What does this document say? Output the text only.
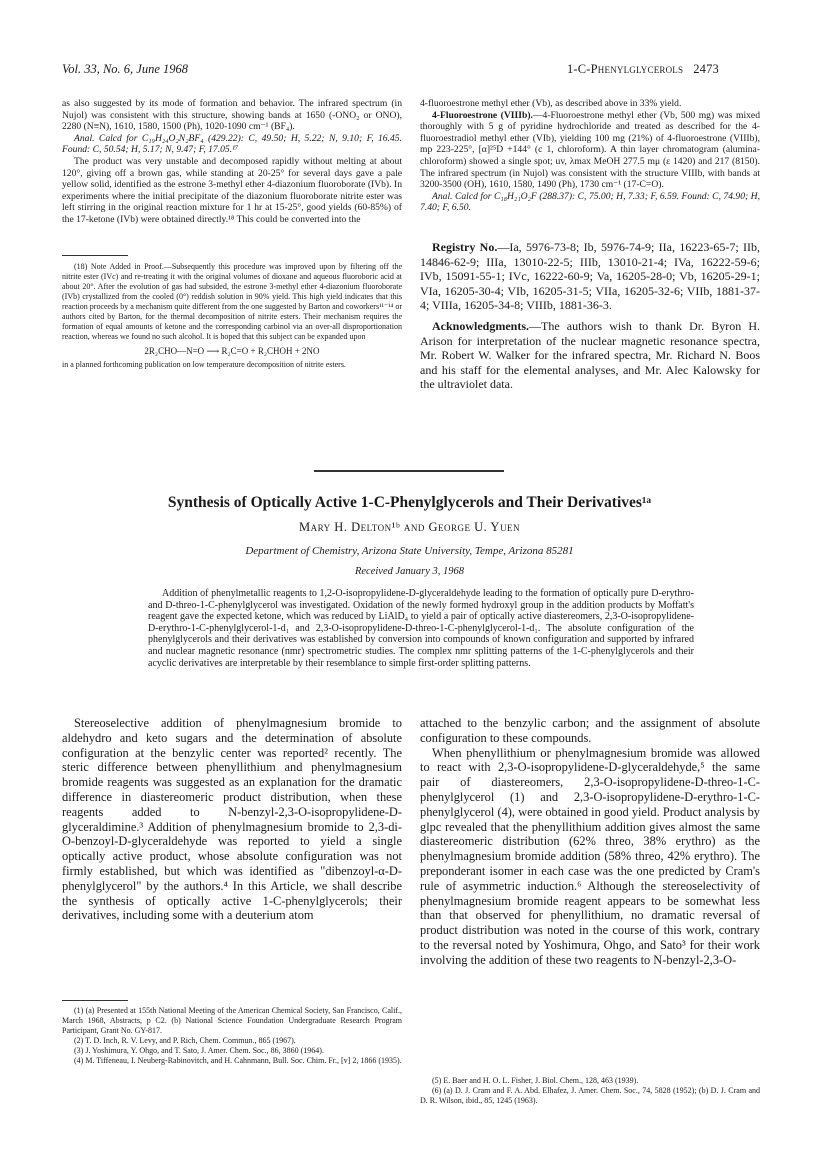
Vol. 33, No. 6, June 1968	1-C-Phenylglycerols 2473

as also suggested by its mode of formation and behavior. The infrared spectrum (in Nujol) was consistent with this structure, showing bands at 1650 (-ONO₂ or ONO), 2280 (N≡N), 1610, 1580, 1500 (Ph), 1020-1090 cm⁻¹ (BF₄).

Anal. Calcd for C₁₉H₂₄O₂N₂BF₄ (429.22): C, 49.50; H, 5.22; N, 9.10; F, 16.45. Found: C, 50.54; H, 5.17; N, 9.47; F, 17.05.¹⁷

The product was very unstable and decomposed rapidly without melting at about 120°, giving off a brown gas, while standing at 20-25° for several days gave a pale yellow solid, identified as the estrone 3-methyl ether 4-diazonium fluoroborate (IVb). In experiments where the initial precipitate of the diazonium fluoroborate nitrite ester was left stirring in the original reaction mixture for 1 hr at 15-25°, good yields (60-85%) of the 17-ketone (IVb) were obtained directly.¹⁸ This could be converted into the

(18) Note Added in Proof.—Subsequently this procedure was improved upon by filtering off the nitrite ester (IVc) and re-treating it with the original volumes of dioxane and aqueous fluoroboric acid at about 20°. After the evolution of gas had subsided, the estrone 3-methyl ether 4-diazonium fluoroborate (IVb) crystallized from the cooled (0°) reddish solution in 90% yield. This high yield indicates that this reaction proceeds by a mechanism quite different from the one suggested by Barton and coworkers¹¹⁻¹⁴ or authors cited by Barton, for the thermal decomposition of nitrite esters. Their mechanism requires the formation of equal amounts of ketone and the corresponding carbinol via an over-all disproportionation reaction, whereas we found no such alcohol. It is hoped that this subject can be expanded upon

2R₂CHO—N=O ⟶ R₂C=O + R₂CHOH + 2NO

in a planned forthcoming publication on low temperature decomposition of nitrite esters.

4-fluoroestrone methyl ether (Vb), as described above in 33% yield.

4-Fluoroestrone (VIIIb).—4-Fluoroestrone methyl ether (Vb, 500 mg) was mixed thoroughly with 5 g of pyridine hydrochloride and treated as described for the 4-fluoroestradiol methyl ether (VIb), yielding 100 mg (21%) of 4-fluoroestrone (VIIIb), mp 223-225°, [α]²⁵D +144° (c 1, chloroform). A thin layer chromatogram (alumina-chloroform) showed a single spot; uv, λmax MeOH 277.5 mμ (ε 1420) and 217 (8150). The infrared spectrum (in Nujol) was consistent with the structure VIIIb, with bands at 3200-3500 (OH), 1610, 1580, 1490 (Ph), 1730 cm⁻¹ (17-C=O).

Anal. Calcd for C₁₈H₂₁O₂F (288.37): C, 75.00; H, 7.33; F, 6.59. Found: C, 74.90; H, 7.40; F, 6.50.

Registry No.—Ia, 5976-73-8; Ib, 5976-74-9; IIa, 16223-65-7; IIb, 14846-62-9; IIIa, 13010-22-5; IIIb, 13010-21-4; IVa, 16222-59-6; IVb, 15091-55-1; IVc, 16222-60-9; Va, 16205-28-0; Vb, 16205-29-1; VIa, 16205-30-4; VIb, 16205-31-5; VIIa, 16205-32-6; VIIb, 1881-37-4; VIIIa, 16205-34-8; VIIIb, 1881-36-3.

Acknowledgments.—The authors wish to thank Dr. Byron H. Arison for interpretation of the nuclear magnetic resonance spectra, Mr. Robert W. Walker for the infrared spectra, Mr. Richard N. Boos and his staff for the elemental analyses, and Mr. Alec Kalowsky for the ultraviolet data.

Synthesis of Optically Active 1-C-Phenylglycerols and Their Derivatives¹ᵃ
Mary H. Delton¹ᵇ and George U. Yuen
Department of Chemistry, Arizona State University, Tempe, Arizona 85281
Received January 3, 1968
Addition of phenylmetallic reagents to 1,2-O-isopropylidene-D-glyceraldehyde leading to the formation of optically pure D-erythro- and D-threo-1-C-phenylglycerol was investigated. Oxidation of the newly formed hydroxyl group in the addition products by Moffatt's reagent gave the expected ketone, which was reduced by LiAlD₄ to yield a pair of optically active diastereomers, 2,3-O-isopropylidene-D-erythro-1-C-phenylglycerol-1-d₁ and 2,3-O-isopropylidene-D-threo-1-C-phenylglycerol-1-d₁. The absolute configuration of the phenylglycerols and their derivatives was established by conversion into compounds of known configuration and supported by infrared and nuclear magnetic resonance (nmr) spectrometric studies. The complex nmr splitting patterns of the 1-C-phenylglycerols and their acyclic derivatives are interpretable by their resemblance to simple first-order splitting patterns.
Stereoselective addition of phenylmagnesium bromide to aldehydro and keto sugars and the determination of absolute configuration at the benzylic center was reported² recently. The steric difference between phenyllithium and phenylmagnesium bromide reagents was suggested as an explanation for the dramatic difference in diastereomeric product distribution, when these reagents added to N-benzyl-2,3-O-isopropylidene-D-glyceraldimine.³ Addition of phenylmagnesium bromide to 2,3-di-O-benzoyl-D-glyceraldehyde was reported to yield a single optically active product, whose absolute configuration was not firmly established, but which was identified as "dibenzoyl-α-D-phenylglycerol" by the authors.⁴ In this Article, we shall describe the synthesis of optically active 1-C-phenylglycerols; their derivatives, including some with a deuterium atom

attached to the benzylic carbon; and the assignment of absolute configuration to these compounds.

When phenyllithium or phenylmagnesium bromide was allowed to react with 2,3-O-isopropylidene-D-glyceraldehyde,⁵ the same pair of diastereomers, 2,3-O-isopropylidene-D-threo-1-C-phenylglycerol (1) and 2,3-O-isopropylidene-D-erythro-1-C-phenylglycerol (4), were obtained in good yield. Product analysis by glpc revealed that the phenyllithium addition gives almost the same diastereomeric distribution (62% threo, 38% erythro) as the phenylmagnesium bromide addition (58% threo, 42% erythro). The preponderant isomer in each case was the one predicted by Cram's rule of asymmetric induction.⁶ Although the stereoselectivity of phenylmagnesium bromide reagent appears to be somewhat less than that observed for phenyllithium, no dramatic reversal of product distribution was noted in the course of this work, contrary to the reversal noted by Yoshimura, Ohgo, and Sato³ for their work involving the addition of these two reagents to N-benzyl-2,3-O-

(1) (a) Presented at 155th National Meeting of the American Chemical Society, San Francisco, Calif., March 1968, Abstracts, p C2. (b) National Science Foundation Undergraduate Research Program Participant, Grant No. GY-817.

(2) T. D. Inch, R. V. Levy, and P. Rich, Chem. Commun., 865 (1967).

(3) J. Yoshimura, Y. Ohgo, and T. Sato, J. Amer. Chem. Soc., 86, 3860 (1964).

(4) M. Tiffeneau, I. Neuberg-Rabinovitch, and H. Cahnmann, Bull. Soc. Chim. Fr., [v] 2, 1866 (1935).

(5) E. Baer and H. O. L. Fisher, J. Biol. Chem., 128, 463 (1939).

(6) (a) D. J. Cram and F. A. Abd. Elhafez, J. Amer. Chem. Soc., 74, 5828 (1952); (b) D. J. Cram and D. R. Wilson, ibid., 85, 1245 (1963).
